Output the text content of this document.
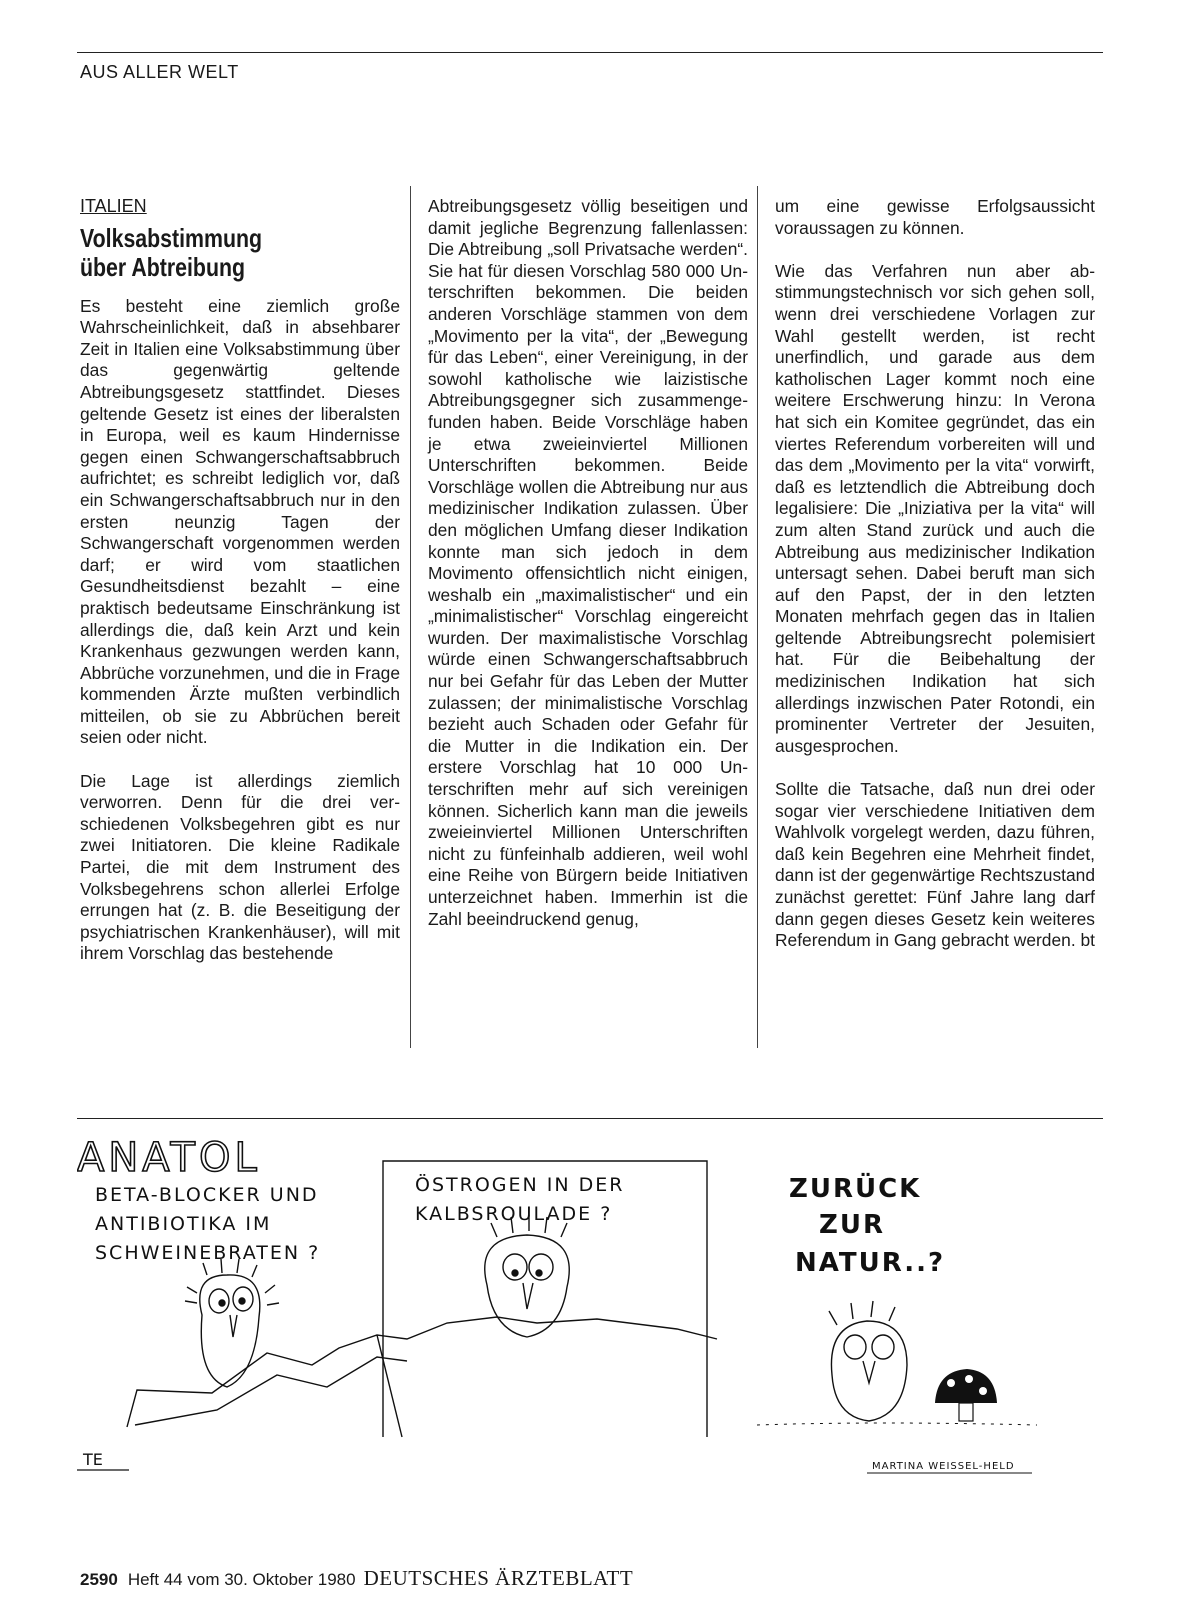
AUS ALLER WELT
ITALIEN
Volksabstimmung
über Abtreibung

Es besteht eine ziemlich große Wahrscheinlichkeit, daß in absehbarer Zeit in Italien eine Volksabstimmung über das gegenwärtig geltende Abtreibungsgesetz stattfindet. Dieses geltende Gesetz ist eines der liberalsten in Europa, weil es kaum Hindernisse gegen einen Schwangerschaftsabbruch aufrichtet; es schreibt lediglich vor, daß ein Schwangerschaftsabbruch nur in den ersten neunzig Tagen der Schwangerschaft vorgenommen werden darf; er wird vom staatlichen Gesundheitsdienst bezahlt – eine praktisch bedeutsame Einschränkung ist allerdings die, daß kein Arzt und kein Krankenhaus gezwungen werden kann, Abbrüche vorzunehmen, und die in Frage kommenden Ärzte mußten verbindlich mitteilen, ob sie zu Abbrüchen bereit seien oder nicht.

Die Lage ist allerdings ziemlich verworren. Denn für die drei verschiedenen Volksbegehren gibt es nur zwei Initiatoren. Die kleine Radikale Partei, die mit dem Instrument des Volksbegehrens schon allerlei Erfolge errungen hat (z. B. die Beseitigung der psychiatrischen Krankenhäuser), will mit ihrem Vorschlag das bestehende

Abtreibungsgesetz völlig beseitigen und damit jegliche Begrenzung fallenlassen: Die Abtreibung „soll Privatsache werden“. Sie hat für diesen Vorschlag 580 000 Unterschriften bekommen. Die beiden anderen Vorschläge stammen von dem „Movimento per la vita“, der „Bewegung für das Leben“, einer Vereinigung, in der sowohl katholische wie laizistische Abtreibungsgegner sich zusammengefunden haben. Beide Vorschläge haben je etwa zweieinviertel Millionen Unterschriften bekommen. Beide Vorschläge wollen die Abtreibung nur aus medizinischer Indikation zulassen. Über den möglichen Umfang dieser Indikation konnte man sich jedoch in dem Movimento offensichtlich nicht einigen, weshalb ein „maximalistischer“ und ein „minimalistischer“ Vorschlag eingereicht wurden. Der maximalistische Vorschlag würde einen Schwangerschaftsabbruch nur bei Gefahr für das Leben der Mutter zulassen; der minimalistische Vorschlag bezieht auch Schaden oder Gefahr für die Mutter in die Indikation ein. Der erstere Vorschlag hat 10 000 Unterschriften mehr auf sich vereinigen können. Sicherlich kann man die jeweils zweieinviertel Millionen Unterschriften nicht zu fünfeinhalb addieren, weil wohl eine Reihe von Bürgern beide Initiativen unterzeichnet haben. Immerhin ist die Zahl beeindruckend genug,

um eine gewisse Erfolgsaussicht voraussagen zu können.

Wie das Verfahren nun aber abstimmungstechnisch vor sich gehen soll, wenn drei verschiedene Vorlagen zur Wahl gestellt werden, ist recht unerfindlich, und garade aus dem katholischen Lager kommt noch eine weitere Erschwerung hinzu: In Verona hat sich ein Komitee gegründet, das ein viertes Referendum vorbereiten will und das dem „Movimento per la vita“ vorwirft, daß es letztendlich die Abtreibung doch legalisiere: Die „Iniziativa per la vita“ will zum alten Stand zurück und auch die Abtreibung aus medizinischer Indikation untersagt sehen. Dabei beruft man sich auf den Papst, der in den letzten Monaten mehrfach gegen das in Italien geltende Abtreibungsrecht polemisiert hat. Für die Beibehaltung der medizinischen Indikation hat sich allerdings inzwischen Pater Rotondi, ein prominenter Vertreter der Jesuiten, ausgesprochen.

Sollte die Tatsache, daß nun drei oder sogar vier verschiedene Initiativen dem Wahlvolk vorgelegt werden, dazu führen, daß kein Begehren eine Mehrheit findet, dann ist der gegenwärtige Rechtszustand zunächst gerettet: Fünf Jahre lang darf dann gegen dieses Gesetz kein weiteres Referendum in Gang gebracht werden. bt

ANATOL
BETA-BLOCKER UND
ANTIBIOTIKA IM
SCHWEINEBRATEN ?
ÖSTROGEN IN DER
KALBSROULADE ?
ZURÜCK
ZUR
NATUR..?
TE	MARTINA WEISSEL-HELD
2590 Heft 44 vom 30. Oktober 1980 DEUTSCHES ÄRZTEBLATT
